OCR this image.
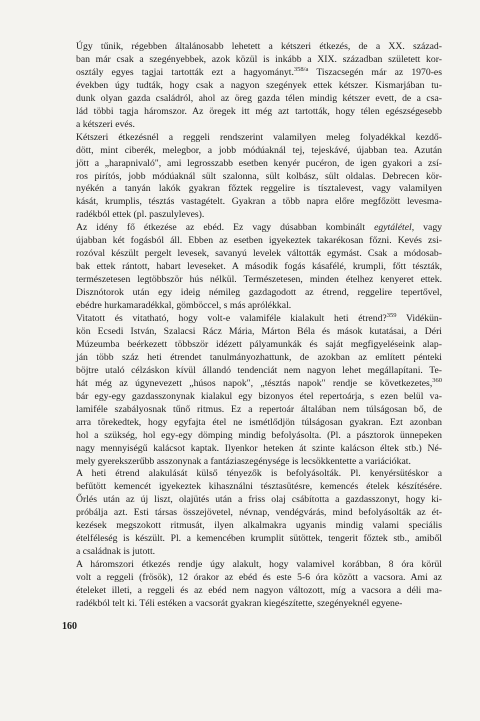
Úgy tűnik, régebben általánosabb lehetett a kétszeri étkezés, de a XX. század-
ban már csak a szegényebbek, azok közül is inkább a XIX. században született kor-
osztály egyes tagjai tartották ezt a hagyományt.$^{358/a}$ Tiszacsegén már az 1970-es
években úgy tudták, hogy csak a nagyon szegények ettek kétszer. Kismarjában tu-
dunk olyan gazda családról, ahol az öreg gazda télen mindig kétszer evett, de a csa-
lád többi tagja háromszor. Az öregek itt még azt tartották, hogy télen egészségesebb
a kétszeri evés.
Kétszeri étkezésnél a reggeli rendszerint valamilyen meleg folyadékkal kezdő-
dött, mint ciberék, melegbor, a jobb módúaknál tej, tejeskávé, újabban tea. Azután
jött a „harapnivaló", ami legrosszabb esetben kenyér pucéron, de igen gyakori a zsí-
ros pirítós, jobb módúaknál sült szalonna, sült kolbász, sült oldalas. Debrecen kör-
nyékén a tanyán lakók gyakran főztek reggelire is tísztalevest, vagy valamilyen
kását, krumplis, tésztás vastagételt. Gyakran a több napra előre megfőzött levesma-
radékból ettek (pl. paszulyleves).
Az idény fő étkezése az ebéd. Ez vagy dúsabban kombinált egytálétel, vagy
újabban két fogásból áll. Ebben az esetben igyekeztek takarékosan főzni. Kevés zsi-
rozóval készült pergelt levesek, savanyú levelek váltották egymást. Csak a módosab-
bak ettek rántott, habart leveseket. A második fogás kásafélé, krumpli, főtt tészták,
természetesen legtöbbször hús nélkül. Természetesen, minden ételhez kenyeret ettek.
Disznótorok után egy ideig némileg gazdagodott az étrend, reggelire tepertővel,
ebédre hurkamaradékkal, gömböccel, s más aprólékkal.
Vitatott és vitatható, hogy volt-e valamiféle kialakult heti étrend?$^{359}$ Vidékün-
kön Ecsedi István, Szalacsi Rácz Mária, Márton Béla és mások kutatásai, a Déri
Múzeumba beérkezett többször idézett pályamunkák és saját megfigyeléseink alap-
ján több száz heti étrendet tanulmányozhattunk, de azokban az említett pénteki
böjtre utaló célzáskon kívül állandó tendenciát nem nagyon lehet megállapítani. Te-
hát még az úgynevezett „húsos napok", „tésztás napok" rendje se következetes,$^{360}$
bár egy-egy gazdasszonynak kialakul egy bizonyos étel repertoárja, s ezen belül va-
lamiféle szabályosnak tűnő ritmus. Ez a repertoár általában nem túlságosan bő, de
arra törekedtek, hogy egyfajta étel ne ismétlődjön túlságosan gyakran. Ezt azonban
hol a szükség, hol egy-egy dömping mindig befolyásolta. (Pl. a pásztorok ünnepeken
nagy mennyiségű kalácsot kaptak. Ilyenkor heteken át szinte kalácson éltek stb.) Né-
mely gyerekszerűbb asszonynak a fantáziaszegénysége is lecsökkentette a variációkat.
A heti étrend alakulását külső tényezők is befolyásolták. Pl. kenyérsütéskor a
befűtött kemencét igyekeztek kihasználni tésztasütésre, kemencés ételek készítésére.
Őrlés után az új liszt, olajütés után a friss olaj csábította a gazdasszonyt, hogy ki-
próbálja azt. Esti társas összejövetel, névnap, vendégvárás, mind befolyásolták az ét-
kezések megszokott ritmusát, ilyen alkalmakra ugyanis mindig valami speciális
ételféleség is készült. Pl. a kemencében krumplit sütöttek, tengerit főztek stb., amiből
a családnak is jutott.
A háromszori étkezés rendje úgy alakult, hogy valamivel korábban, 8 óra körül
volt a reggeli (frösök), 12 órakor az ebéd és este 5-6 óra között a vacsora. Ami az
ételeket illeti, a reggeli és az ebéd nem nagyon változott, míg a vacsora a déli ma-
radékból telt ki. Téli estéken a vacsorát gyakran kiegészítette, szegényeknél egyene-
160
